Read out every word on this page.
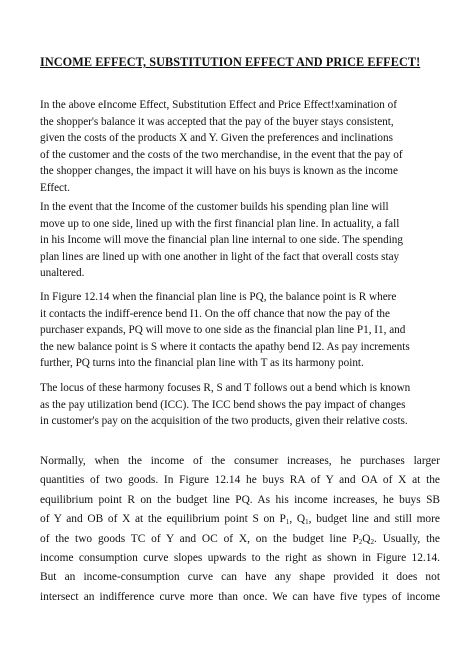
INCOME EFFECT, SUBSTITUTION EFFECT AND PRICE EFFECT!
In the above eIncome Effect, Substitution Effect and Price Effect!xamination of
the shopper's balance it was accepted that the pay of the buyer stays consistent,
given the costs of the products X and Y. Given the preferences and inclinations
of the customer and the costs of the two merchandise, in the event that the pay of
the shopper changes, the impact it will have on his buys is known as the income
Effect.
In the event that the Income of the customer builds his spending plan line will
move up to one side, lined up with the first financial plan line. In actuality, a fall
in his Income will move the financial plan line internal to one side. The spending
plan lines are lined up with one another in light of the fact that overall costs stay
unaltered.
In Figure 12.14 when the financial plan line is PQ, the balance point is R where
it contacts the indiff-erence bend I1. On the off chance that now the pay of the
purchaser expands, PQ will move to one side as the financial plan line P1, I1, and
the new balance point is S where it contacts the apathy bend I2. As pay increments
further, PQ turns into the financial plan line with T as its harmony point.
The locus of these harmony focuses R, S and T follows out a bend which is known
as the pay utilization bend (ICC). The ICC bend shows the pay impact of changes
in customer's pay on the acquisition of the two products, given their relative costs.
Normally, when the income of the consumer increases, he purchases larger
quantities of two goods. In Figure 12.14 he buys RA of Y and OA of X at the
equilibrium point R on the budget line PQ. As his income increases, he buys SB
of Y and OB of X at the equilibrium point S on $P_1$, $Q_1$, budget line and still more
of the two goods TC of Y and OC of X, on the budget line $P_2Q_2$. Usually, the
income consumption curve slopes upwards to the right as shown in Figure 12.14.
But an income-consumption curve can have any shape provided it does not
intersect an indifference curve more than once. We can have five types of income
